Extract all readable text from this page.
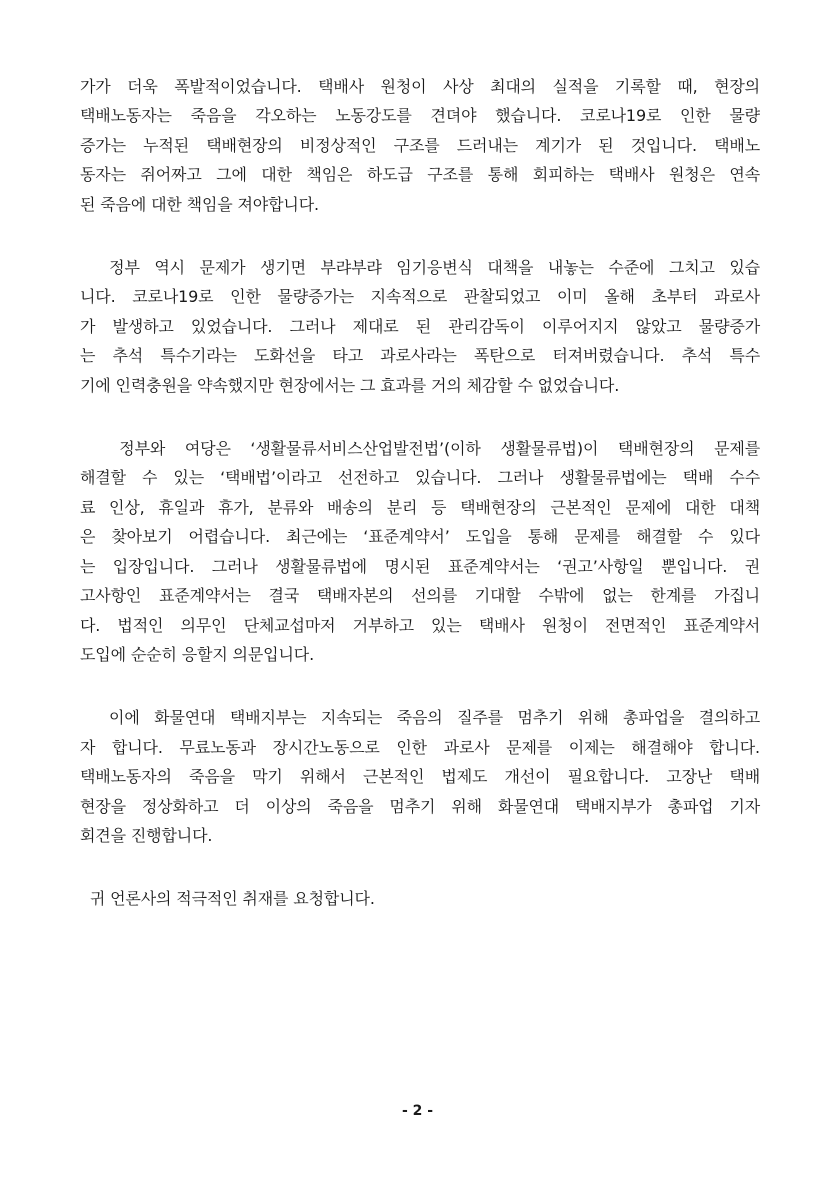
가가 더욱 폭발적이었습니다. 택배사 원청이 사상 최대의 실적을 기록할 때, 현장의
택배노동자는 죽음을 각오하는 노동강도를 견뎌야 했습니다. 코로나19로 인한 물량
증가는 누적된 택배현장의 비정상적인 구조를 드러내는 계기가 된 것입니다. 택배노
동자는 쥐어짜고 그에 대한 책임은 하도급 구조를 통해 회피하는 택배사 원청은 연속
된 죽음에 대한 책임을 져야합니다.

정부 역시 문제가 생기면 부랴부랴 임기응변식 대책을 내놓는 수준에 그치고 있습
니다. 코로나19로 인한 물량증가는 지속적으로 관찰되었고 이미 올해 초부터 과로사
가 발생하고 있었습니다. 그러나 제대로 된 관리감독이 이루어지지 않았고 물량증가
는 추석 특수기라는 도화선을 타고 과로사라는 폭탄으로 터져버렸습니다. 추석 특수
기에 인력충원을 약속했지만 현장에서는 그 효과를 거의 체감할 수 없었습니다.

정부와 여당은 ‘생활물류서비스산업발전법’(이하 생활물류법)이 택배현장의 문제를
해결할 수 있는 ‘택배법’이라고 선전하고 있습니다. 그러나 생활물류법에는 택배 수수
료 인상, 휴일과 휴가, 분류와 배송의 분리 등 택배현장의 근본적인 문제에 대한 대책
은 찾아보기 어렵습니다. 최근에는 ‘표준계약서’ 도입을 통해 문제를 해결할 수 있다
는 입장입니다. 그러나 생활물류법에 명시된 표준계약서는 ‘권고’사항일 뿐입니다. 권
고사항인 표준계약서는 결국 택배자본의 선의를 기대할 수밖에 없는 한계를 가집니
다. 법적인 의무인 단체교섭마저 거부하고 있는 택배사 원청이 전면적인 표준계약서
도입에 순순히 응할지 의문입니다.

이에 화물연대 택배지부는 지속되는 죽음의 질주를 멈추기 위해 총파업을 결의하고
자 합니다. 무료노동과 장시간노동으로 인한 과로사 문제를 이제는 해결해야 합니다.
택배노동자의 죽음을 막기 위해서 근본적인 법제도 개선이 필요합니다. 고장난 택배
현장을 정상화하고 더 이상의 죽음을 멈추기 위해 화물연대 택배지부가 총파업 기자
회견을 진행합니다.

귀 언론사의 적극적인 취재를 요청합니다.

- 2 -
